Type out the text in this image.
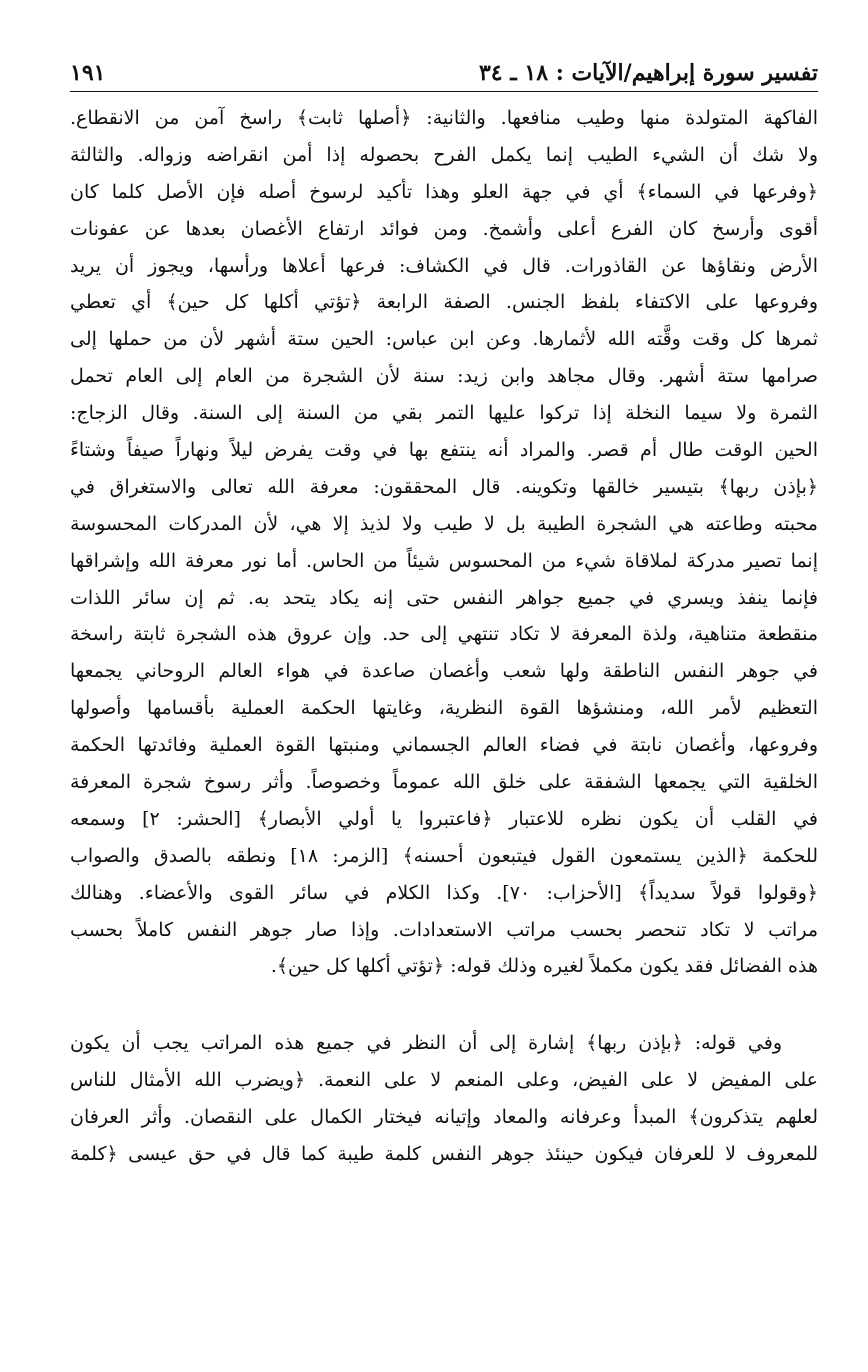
تفسير سورة إبراهيم/الآيات : ١٨ ـ ٣٤
١٩١
الفاكهة المتولدة منها وطيب منافعها. والثانية: ﴿أصلها ثابت﴾ راسخ آمن من الانقطاع.
ولا شك أن الشيء الطيب إنما يكمل الفرح بحصوله إذا أمن انقراضه وزواله. والثالثة
﴿وفرعها في السماء﴾ أي في جهة العلو وهذا تأكيد لرسوخ أصله فإن الأصل كلما كان
أقوى وأرسخ كان الفرع أعلى وأشمخ. ومن فوائد ارتفاع الأغصان بعدها عن عفونات
الأرض ونقاؤها عن القاذورات. قال في الكشاف: فرعها أعلاها ورأسها، ويجوز أن يريد
وفروعها على الاكتفاء بلفظ الجنس. الصفة الرابعة ﴿تؤتي أكلها كل حين﴾ أي تعطي
ثمرها كل وقت وقَّته الله لأثمارها. وعن ابن عباس: الحين ستة أشهر لأن من حملها إلى
صرامها ستة أشهر. وقال مجاهد وابن زيد: سنة لأن الشجرة من العام إلى العام تحمل
الثمرة ولا سيما النخلة إذا تركوا عليها التمر بقي من السنة إلى السنة. وقال الزجاج:
الحين الوقت طال أم قصر. والمراد أنه ينتفع بها في وقت يفرض ليلاً ونهاراً صيفاً وشتاءً
﴿بإذن ربها﴾ بتيسير خالقها وتكوينه. قال المحققون: معرفة الله تعالى والاستغراق في
محبته وطاعته هي الشجرة الطيبة بل لا طيب ولا لذيذ إلا هي، لأن المدركات المحسوسة
إنما تصير مدركة لملاقاة شيء من المحسوس شيئاً من الحاس. أما نور معرفة الله وإشراقها
فإنما ينفذ ويسري في جميع جواهر النفس حتى إنه يكاد يتحد به. ثم إن سائر اللذات
منقطعة متناهية، ولذة المعرفة لا تكاد تنتهي إلى حد. وإن عروق هذه الشجرة ثابتة راسخة
في جوهر النفس الناطقة ولها شعب وأغصان صاعدة في هواء العالم الروحاني يجمعها
التعظيم لأمر الله، ومنشؤها القوة النظرية، وغايتها الحكمة العملية بأقسامها وأصولها
وفروعها، وأغصان نابتة في فضاء العالم الجسماني ومنبتها القوة العملية وفائدتها الحكمة
الخلقية التي يجمعها الشفقة على خلق الله عموماً وخصوصاً. وأثر رسوخ شجرة المعرفة
في القلب أن يكون نظره للاعتبار ﴿فاعتبروا يا أولي الأبصار﴾ [الحشر: ٢] وسمعه
للحكمة ﴿الذين يستمعون القول فيتبعون أحسنه﴾ [الزمر: ١٨] ونطقه بالصدق والصواب
﴿وقولوا قولاً سديداً﴾ [الأحزاب: ٧٠]. وكذا الكلام في سائر القوى والأعضاء. وهنالك
مراتب لا تكاد تنحصر بحسب مراتب الاستعدادات. وإذا صار جوهر النفس كاملاً بحسب
هذه الفضائل فقد يكون مكملاً لغيره وذلك قوله: ﴿تؤتي أكلها كل حين﴾.
وفي قوله: ﴿بإذن ربها﴾ إشارة إلى أن النظر في جميع هذه المراتب يجب أن يكون
على المفيض لا على الفيض، وعلى المنعم لا على النعمة. ﴿ويضرب الله الأمثال للناس
لعلهم يتذكرون﴾ المبدأ وعرفانه والمعاد وإتيانه فيختار الكمال على النقصان. وأثر العرفان
للمعروف لا للعرفان فيكون حينئذ جوهر النفس كلمة طيبة كما قال في حق عيسى ﴿كلمة
